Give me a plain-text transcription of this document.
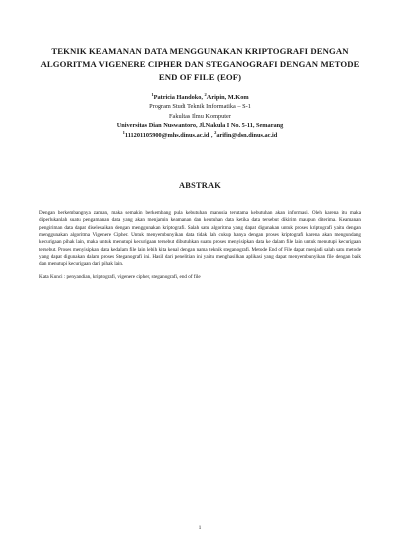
TEKNIK KEAMANAN DATA MENGGUNAKAN KRIPTOGRAFI DENGAN ALGORITMA VIGENERE CIPHER DAN STEGANOGRAFI DENGAN METODE END OF FILE (EOF)
$^1$Patricia Handoko, $^2$Aripin, M.Kom
Program Studi Teknik Informatika – S-1
Fakultas Ilmu Komputer
Universitas Dian Nuswantoro, Jl.Nakula I No. 5-11, Semarang
$^1$111201105900@mhs.dinus.ac.id , $^2$arifin@dsn.dinus.ac.id
ABSTRAK

Dengan berkembangnya zaman, maka semakin berkembang pula kebutuhan manusia terutama kebutuhan akan informasi. Oleh karena itu maka diperlukanlah suatu pengamanan data yang akan menjamin keamanan dan keutuhan data ketika data tersebut dikirim maupun diterima. Keamanan pengiriman data dapat diselesaikan dengan menggunakan kriptografi. Salah satu algoritma yang dapat digunakan untuk proses kriptografi yaitu dengan menggunakan algoritma Vigenere Cipher. Untuk menyembunyikan data tidak lah cukup hanya dengan proses kriptografi karena akan mengundang kecurigaan pihak lain, maka untuk menutupi kecurigaan tersebut dibutuhkan suatu proses menyisipkan data ke dalam file lain untuk menutupi kecurigaan tersebut. Proses menyisipkan data kedalam file lain lebih kita kenal dengan nama teknik steganografi. Metode End of File dapat menjadi salah satu metode yang dapat digunakan dalam proses Steganografi ini. Hasil dari penelitian ini yaitu menghasilkan aplikasi yang dapat menyembunyikan file dengan baik dan menutupi kecurigaan dari pihak lain.

Kata Kunci : penyandian, kriptografi, vigenere cipher, steganografi, end of file
1
